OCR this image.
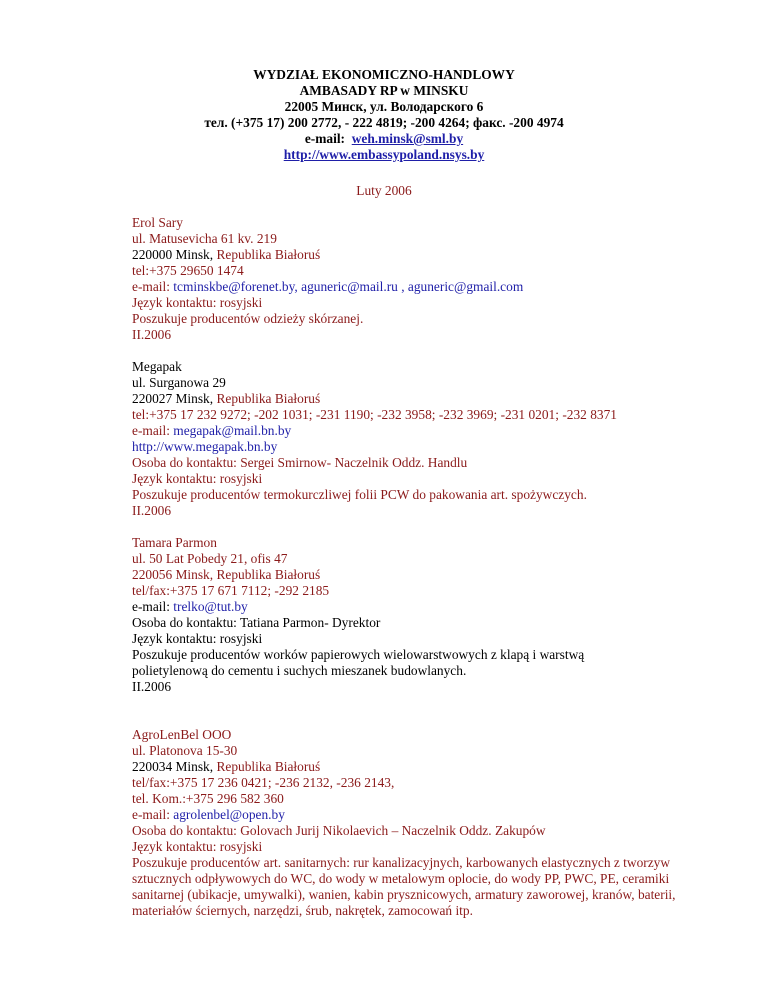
WYDZIAŁ EKONOMICZNO-HANDLOWY
AMBASADY RP w MINSKU
22005 Минск, ул. Володарского 6
тел. (+375 17) 200 2772, - 222 4819; -200 4264; факс. -200 4974
e-mail: weh.minsk@sml.by
http://www.embassypoland.nsys.by
Luty 2006
Erol Sary
ul. Matusevicha 61 kv. 219
220000 Minsk, Republika Białoruś
tel:+375 29650 1474
e-mail: tcminskbe@forenet.by, aguneric@mail.ru , aguneric@gmail.com
Język kontaktu: rosyjski
Poszukuje producentów odzieży skórzanej.
II.2006
Megapak
ul. Surganowa 29
220027 Minsk, Republika Białoruś
tel:+375 17 232 9272; -202 1031; -231 1190; -232 3958; -232 3969; -231 0201; -232 8371
e-mail: megapak@mail.bn.by
http://www.megapak.bn.by
Osoba do kontaktu: Sergei Smirnow- Naczelnik Oddz. Handlu
Język kontaktu: rosyjski
Poszukuje producentów termokurczliwej folii PCW do pakowania art. spożywczych.
II.2006
Tamara Parmon
ul. 50 Lat Pobedy 21, ofis 47
220056 Minsk, Republika Białoruś
tel/fax:+375 17 671 7112; -292 2185
e-mail: trelko@tut.by
Osoba do kontaktu: Tatiana Parmon- Dyrektor
Język kontaktu: rosyjski
Poszukuje producentów worków papierowych wielowarstwowych z klapą i warstwą polietylenową do cementu i suchych mieszanek budowlanych.
II.2006
AgroLenBel OOO
ul. Platonova 15-30
220034 Minsk, Republika Białoruś
tel/fax:+375 17 236 0421; -236 2132, -236 2143,
tel. Kom.:+375 296 582 360
e-mail: agrolenbel@open.by
Osoba do kontaktu: Golovach Jurij Nikolaevich – Naczelnik Oddz. Zakupów
Język kontaktu: rosyjski
Poszukuje producentów art. sanitarnych: rur kanalizacyjnych, karbowanych elastycznych z tworzyw sztucznych odpływowych do WC, do wody w metalowym oplocie, do wody PP, PWC, PE, ceramiki sanitarnej (ubikacje, umywalki), wanien, kabin prysznicowych, armatury zaworowej, kranów, baterii, materiałów ściernych, narzędzi, śrub, nakrętek, zamocowań itp.
